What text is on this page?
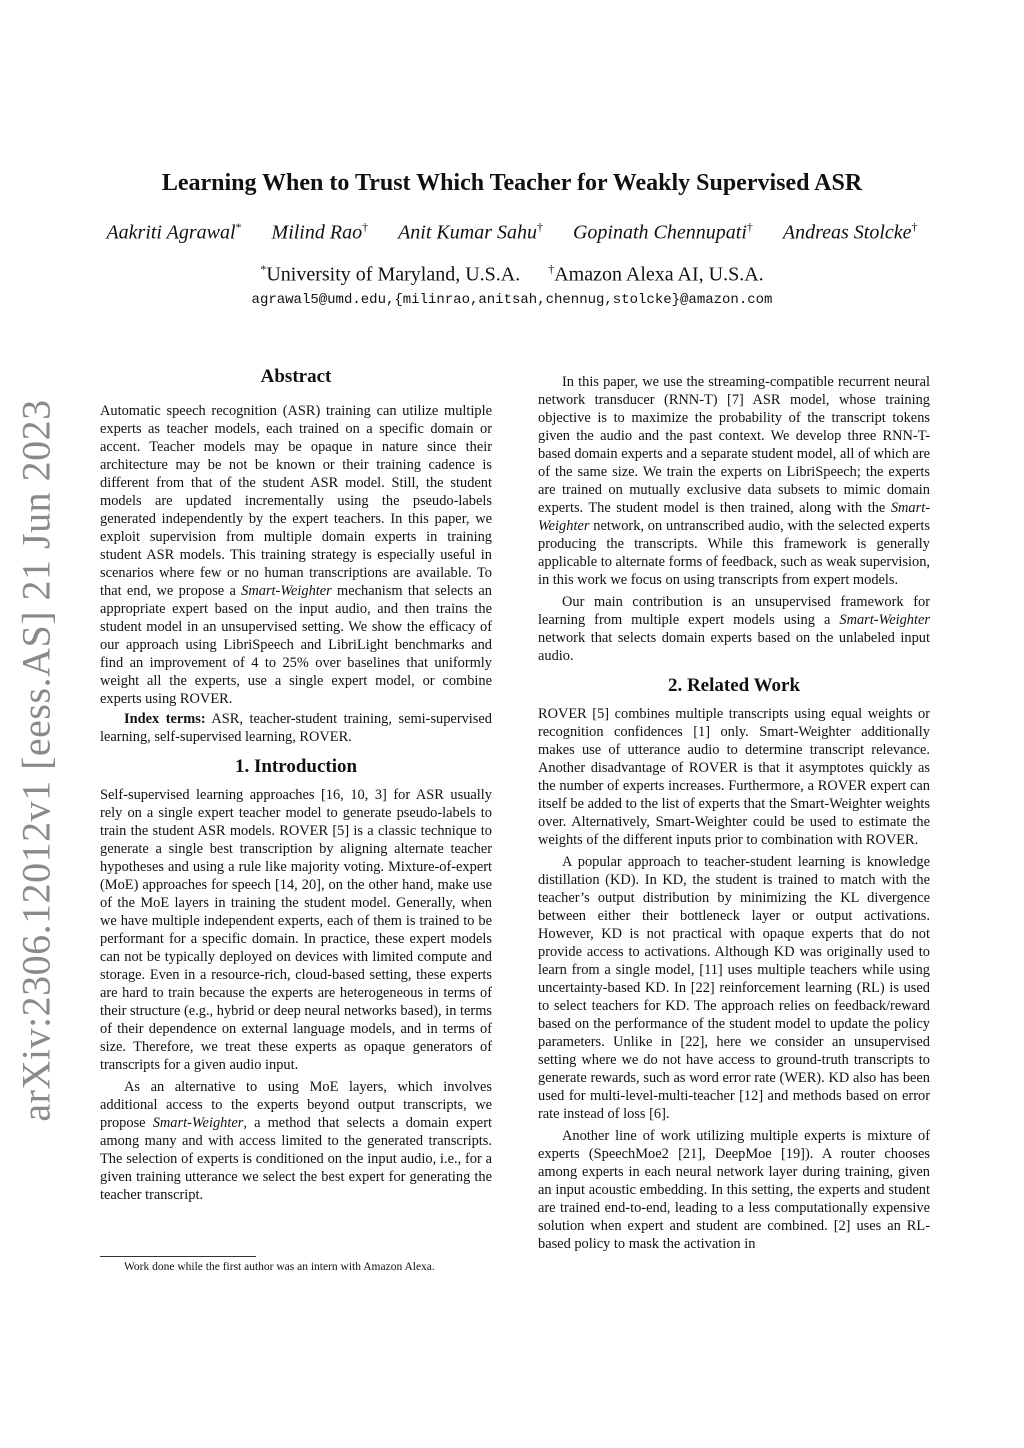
arXiv:2306.12012v1 [eess.AS] 21 Jun 2023
Learning When to Trust Which Teacher for Weakly Supervised ASR
Aakriti Agrawal* Milind Rao† Anit Kumar Sahu† Gopinath Chennupati† Andreas Stolcke†
*University of Maryland, U.S.A. †Amazon Alexa AI, U.S.A.
agrawal5@umd.edu,{milinrao,anitsah,chennug,stolcke}@amazon.com
Abstract

Automatic speech recognition (ASR) training can utilize multiple experts as teacher models, each trained on a specific domain or accent. Teacher models may be opaque in nature since their architecture may be not be known or their training cadence is different from that of the student ASR model. Still, the student models are updated incrementally using the pseudo-labels generated independently by the expert teachers. In this paper, we exploit supervision from multiple domain experts in training student ASR models. This training strategy is especially useful in scenarios where few or no human transcriptions are available. To that end, we propose a Smart-Weighter mechanism that selects an appropriate expert based on the input audio, and then trains the student model in an unsupervised setting. We show the efficacy of our approach using LibriSpeech and LibriLight benchmarks and find an improvement of 4 to 25% over baselines that uniformly weight all the experts, use a single expert model, or combine experts using ROVER.

Index terms: ASR, teacher-student training, semi-supervised learning, self-supervised learning, ROVER.

1. Introduction

Self-supervised learning approaches [16, 10, 3] for ASR usually rely on a single expert teacher model to generate pseudo-labels to train the student ASR models. ROVER [5] is a classic technique to generate a single best transcription by aligning alternate teacher hypotheses and using a rule like majority voting. Mixture-of-expert (MoE) approaches for speech [14, 20], on the other hand, make use of the MoE layers in training the student model. Generally, when we have multiple independent experts, each of them is trained to be performant for a specific domain. In practice, these expert models can not be typically deployed on devices with limited compute and storage. Even in a resource-rich, cloud-based setting, these experts are hard to train because the experts are heterogeneous in terms of their structure (e.g., hybrid or deep neural networks based), in terms of their dependence on external language models, and in terms of size. Therefore, we treat these experts as opaque generators of transcripts for a given audio input.

As an alternative to using MoE layers, which involves additional access to the experts beyond output transcripts, we propose Smart-Weighter, a method that selects a domain expert among many and with access limited to the generated transcripts. The selection of experts is conditioned on the input audio, i.e., for a given training utterance we select the best expert for generating the teacher transcript.

Work done while the first author was an intern with Amazon Alexa.

In this paper, we use the streaming-compatible recurrent neural network transducer (RNN-T) [7] ASR model, whose training objective is to maximize the probability of the transcript tokens given the audio and the past context. We develop three RNN-T-based domain experts and a separate student model, all of which are of the same size. We train the experts on LibriSpeech; the experts are trained on mutually exclusive data subsets to mimic domain experts. The student model is then trained, along with the Smart-Weighter network, on untranscribed audio, with the selected experts producing the transcripts. While this framework is generally applicable to alternate forms of feedback, such as weak supervision, in this work we focus on using transcripts from expert models.

Our main contribution is an unsupervised framework for learning from multiple expert models using a Smart-Weighter network that selects domain experts based on the unlabeled input audio.

2. Related Work

ROVER [5] combines multiple transcripts using equal weights or recognition confidences [1] only. Smart-Weighter additionally makes use of utterance audio to determine transcript relevance. Another disadvantage of ROVER is that it asymptotes quickly as the number of experts increases. Furthermore, a ROVER expert can itself be added to the list of experts that the Smart-Weighter weights over. Alternatively, Smart-Weighter could be used to estimate the weights of the different inputs prior to combination with ROVER.

A popular approach to teacher-student learning is knowledge distillation (KD). In KD, the student is trained to match with the teacher’s output distribution by minimizing the KL divergence between either their bottleneck layer or output activations. However, KD is not practical with opaque experts that do not provide access to activations. Although KD was originally used to learn from a single model, [11] uses multiple teachers while using uncertainty-based KD. In [22] reinforcement learning (RL) is used to select teachers for KD. The approach relies on feedback/reward based on the performance of the student model to update the policy parameters. Unlike in [22], here we consider an unsupervised setting where we do not have access to ground-truth transcripts to generate rewards, such as word error rate (WER). KD also has been used for multi-level-multi-teacher [12] and methods based on error rate instead of loss [6].

Another line of work utilizing multiple experts is mixture of experts (SpeechMoe2 [21], DeepMoe [19]). A router chooses among experts in each neural network layer during training, given an input acoustic embedding. In this setting, the experts and student are trained end-to-end, leading to a less computationally expensive solution when expert and student are combined. [2] uses an RL-based policy to mask the activation in
